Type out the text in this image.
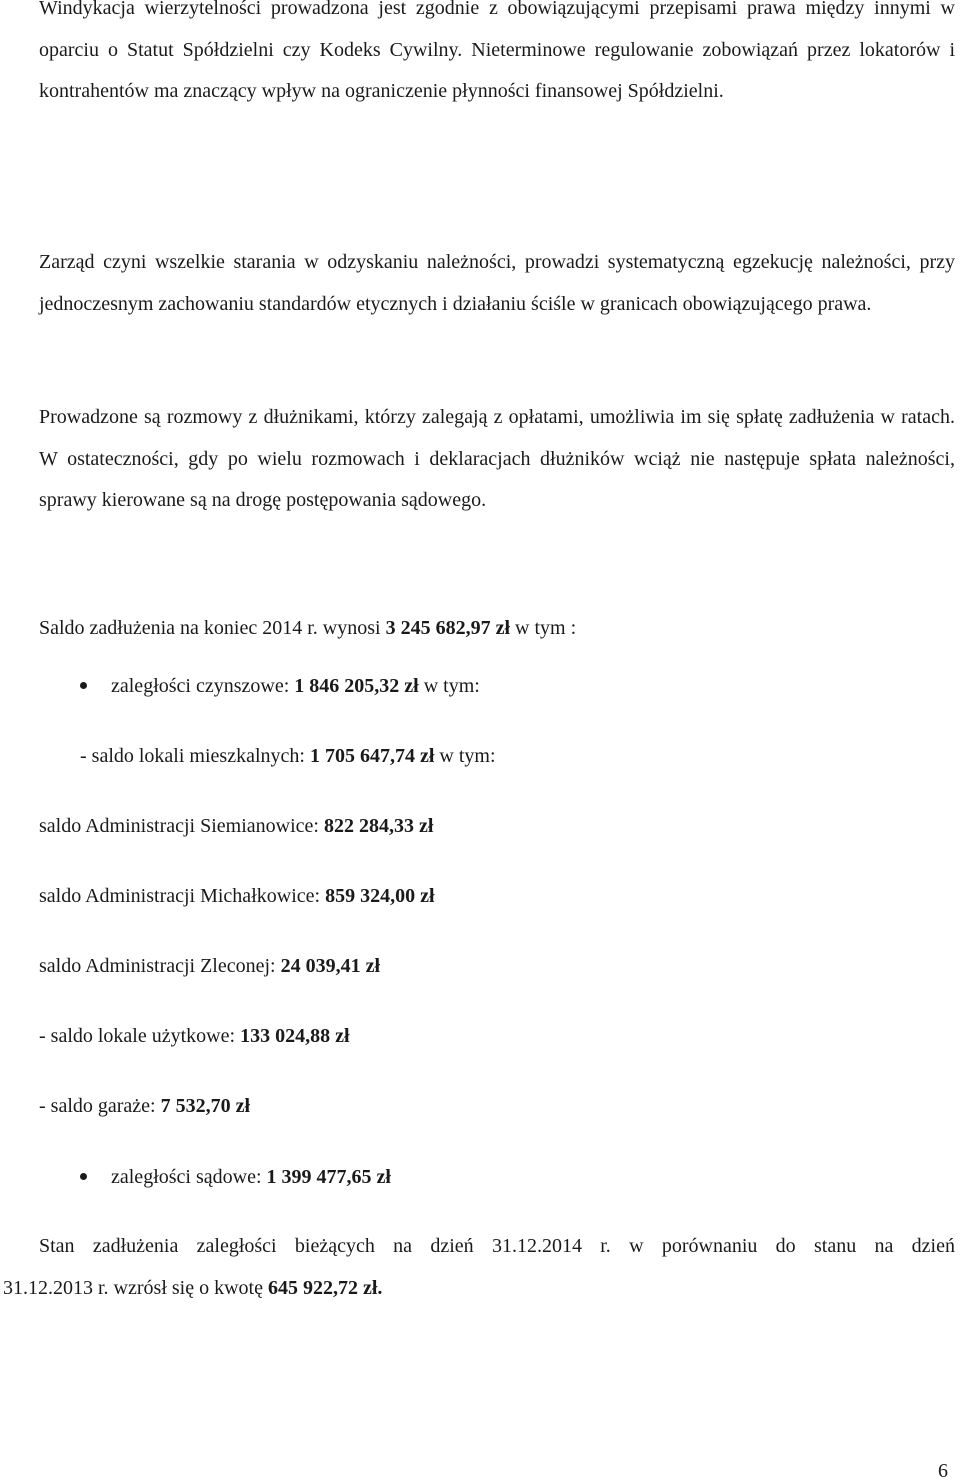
Windykacja wierzytelności prowadzona jest zgodnie z obowiązującymi przepisami prawa między innymi w oparciu o Statut Spółdzielni czy Kodeks Cywilny. Nieterminowe regulowanie zobowiązań przez lokatorów i kontrahentów ma znaczący wpływ na ograniczenie płynności finansowej Spółdzielni.

Zarząd czyni wszelkie starania w odzyskaniu należności, prowadzi systematyczną egzekucję należności, przy jednoczesnym zachowaniu standardów etycznych i działaniu ściśle w granicach obowiązującego prawa.

Prowadzone są rozmowy z dłużnikami, którzy zalegają z opłatami, umożliwia im się spłatę zadłużenia w ratach. W ostateczności, gdy po wielu rozmowach i deklaracjach dłużników wciąż nie następuje spłata należności, sprawy kierowane są na drogę postępowania sądowego.

Saldo zadłużenia na koniec 2014 r. wynosi 3 245 682,97 zł w tym :

zaległości czynszowe: 1 846 205,32 zł w tym:

- saldo lokali mieszkalnych: 1 705 647,74 zł w tym:

saldo Administracji Siemianowice: 822 284,33 zł

saldo Administracji Michałkowice: 859 324,00 zł

saldo Administracji Zleconej: 24 039,41 zł

- saldo lokale użytkowe: 133 024,88 zł

- saldo garaże: 7 532,70 zł

zaległości sądowe: 1 399 477,65 zł

Stan zadłużenia zaległości bieżących na dzień 31.12.2014 r. w porównaniu do stanu na dzień

31.12.2013 r. wzrósł się o kwotę 645 922,72 zł.

6
